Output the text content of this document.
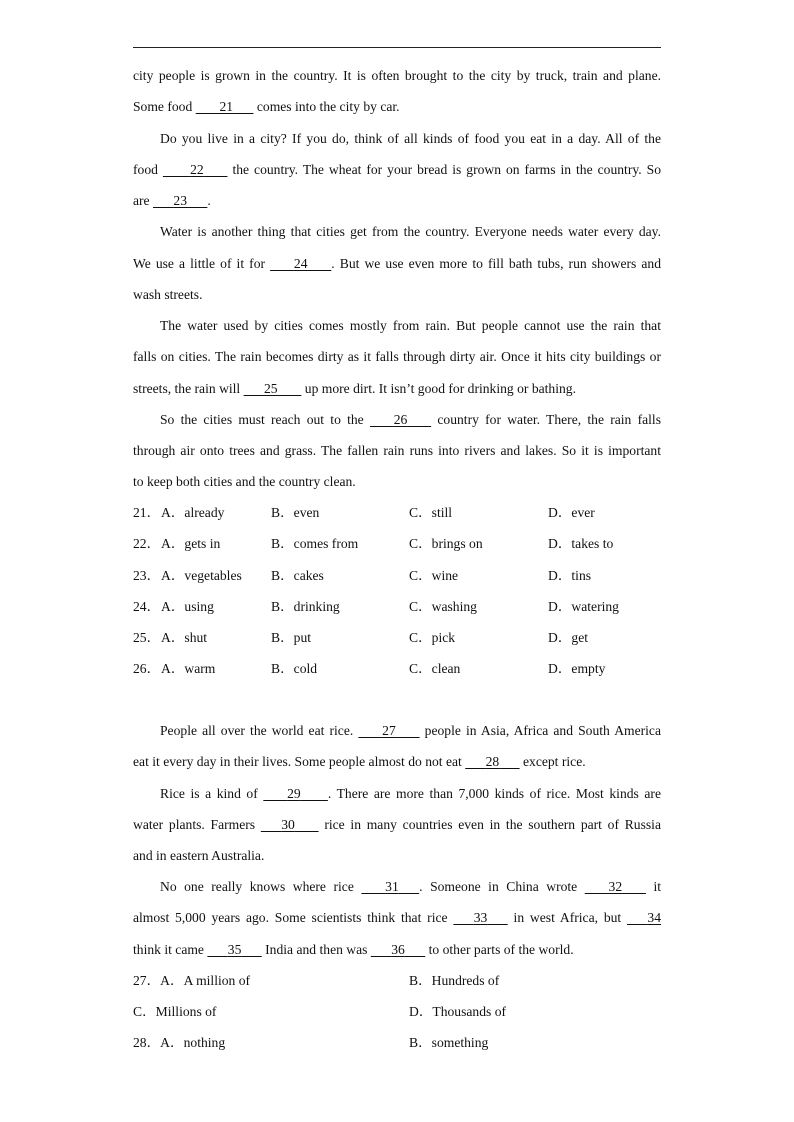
city people is grown in the country. It is often brought to the city by truck, train and plane.
Some food        21       comes into the city by car.
Do you live in a city? If you do, think of all kinds of food you eat in a day. All of the
food         22        the country. The wheat for your bread is grown on farms in the country. So
are       23 .
Water is another thing that cities get from the country. Everyone needs water every day.
We use a little of it for        24 . But we use even more to fill bath tubs, run showers and
wash streets.
The water used by cities comes mostly from rain. But people cannot use the rain that
falls on cities. The rain becomes dirty as it falls through dirty air. Once it hits city buildings or
streets, the rain will       25        up more dirt. It isn’t good for drinking or bathing.
So the cities must reach out to the        26        country for water. There, the rain falls
through air onto trees and grass. The fallen rain runs into rivers and lakes. So it is important
to keep both cities and the country clean.
21． A．already	B．even	C．still	D．ever
22． A．gets in	B．comes from	C．brings on	D．takes to
23． A．vegetables B．cakes	C．wine	D．tins
24． A．using	B．drinking	C．washing	D．watering
25． A．shut	B．put	C．pick	D．get
26． A．warm	B．cold	C．clean	D．empty
People all over the world eat rice.        27        people in Asia, Africa and South America
eat it every day in their lives. Some people almost do not eat       28       except rice.
Rice is a kind of        29 . There are more than 7,000 kinds of rice. Most kinds are
water plants. Farmers       30        rice in many countries even in the southern part of Russia
and in eastern Australia.
No one really knows where rice        31 . Someone in China wrote        32        it
almost 5,000 years ago. Some scientists think that rice       33       in west Africa, but       34
think it came       35       India and then was       36       to other parts of the world.
27．A．A million of	B．Hundreds of
C．Millions of	D．Thousands of
28．A．nothing	B．something
